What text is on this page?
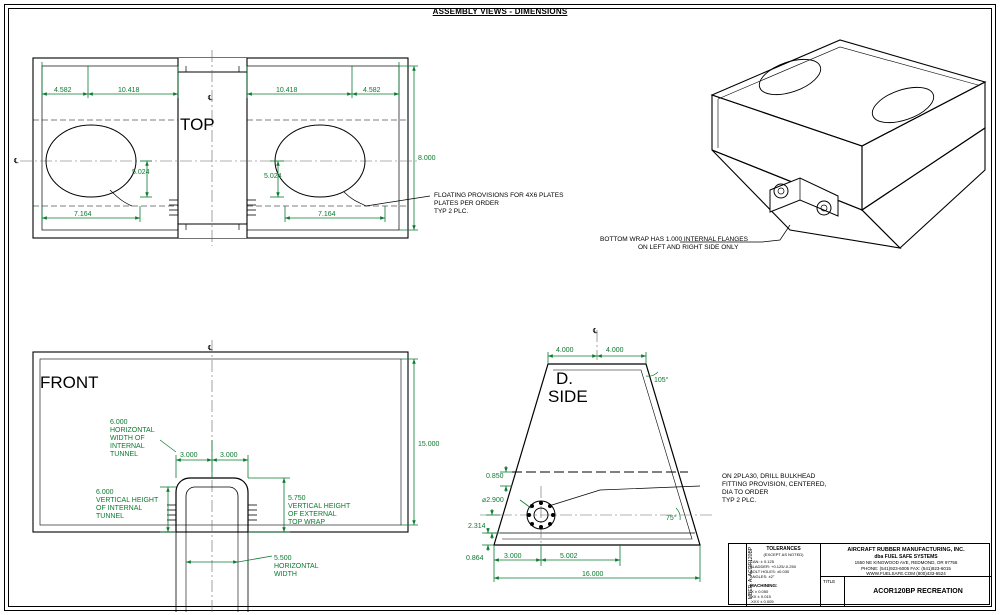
ASSEMBLY VIEWS - DIMENSIONS
℄
℄
4.582	10.418	10.418	4.582
8.000
5.024
5.024
7.164	7.164
TOP
FLOATING PROVISIONS FOR 4X6 PLATES
PLATES PER ORDER
TYP 2 PLC.
BOTTOM WRAP HAS 1.000 INTERNAL FLANGES
ON LEFT AND RIGHT SIDE ONLY
℄
15.000
3.000	3.000
6.000
HORIZONTAL
WIDTH OF
INTERNAL
TUNNEL
6.000
VERTICAL HEIGHT
OF INTERNAL
TUNNEL
5.750
VERTICAL HEIGHT
OF EXTERNAL
TOP WRAP
5.500
HORIZONTAL
WIDTH
FRONT
℄
4.000	4.000
105°
75°
0.850
⌀2.900
2.314
0.864	3.000	5.002
16.000
ON 2PLA30, DRILL BULKHEAD
FITTING PROVISION, CENTERED,
DIA TO ORDER
TYP 2 PLC.
D.
SIDE
MBER: A: ACOR120BP	TOLERANCES
(EXCEPT AS NOTED)
CAN: ± 0.125
BLADDER: +0.125/-0.250
BOLT HOLES: ±0.030
ANGLES: ±2°
MACHINING:
.X ± 0.050
.XX ± 0.015
.XXX ± 0.005
AIRCRAFT RUBBER MANUFACTURING, INC.
dba FUEL SAFE SYSTEMS
1550 NE KINGWOOD AVE, REDMOND, OR 97756
PHONE: (541)923-6005 FAX: (541)923-6015
WWW.FUELSAFE.COM (800)433-6524
TITLE
ACOR120BP RECREATION
